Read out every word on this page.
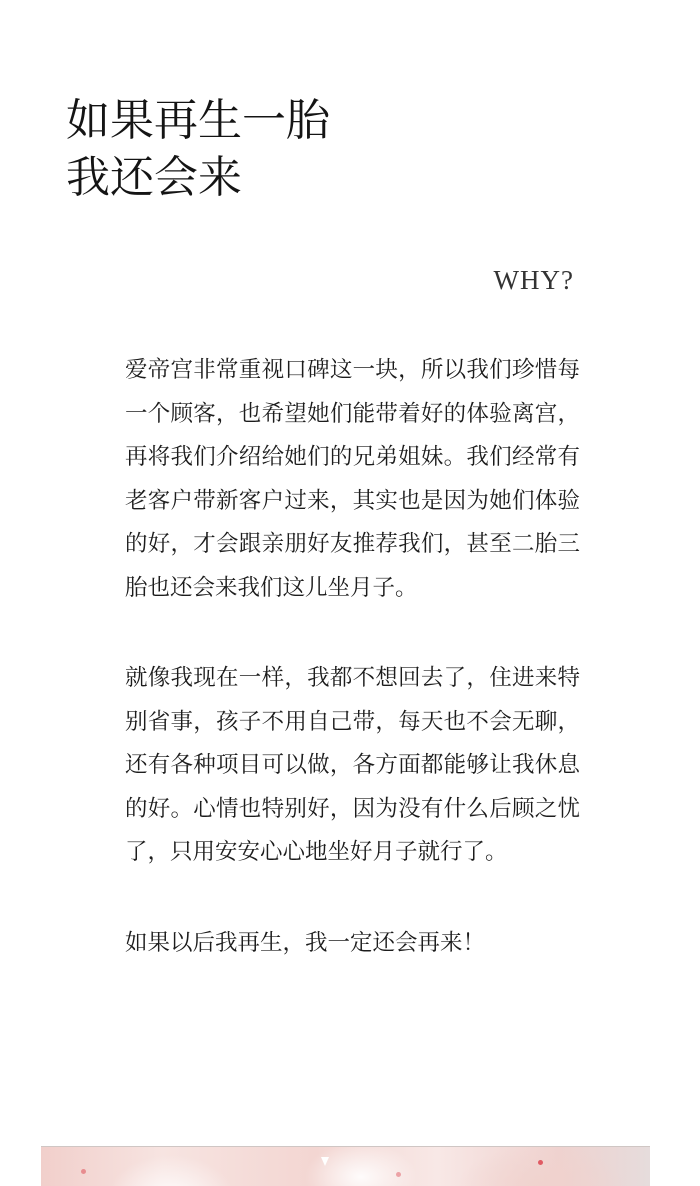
如果再生一胎
我还会来
WHY?

爱帝宫非常重视口碑这一块，所以我们珍惜每一个顾客，也希望她们能带着好的体验离宫，再将我们介绍给她们的兄弟姐妹。我们经常有老客户带新客户过来，其实也是因为她们体验的好，才会跟亲朋好友推荐我们，甚至二胎三胎也还会来我们这儿坐月子。

就像我现在一样，我都不想回去了，住进来特别省事，孩子不用自己带，每天也不会无聊，还有各种项目可以做，各方面都能够让我休息的好。心情也特别好，因为没有什么后顾之忧了，只用安安心心地坐好月子就行了。

如果以后我再生，我一定还会再来！
